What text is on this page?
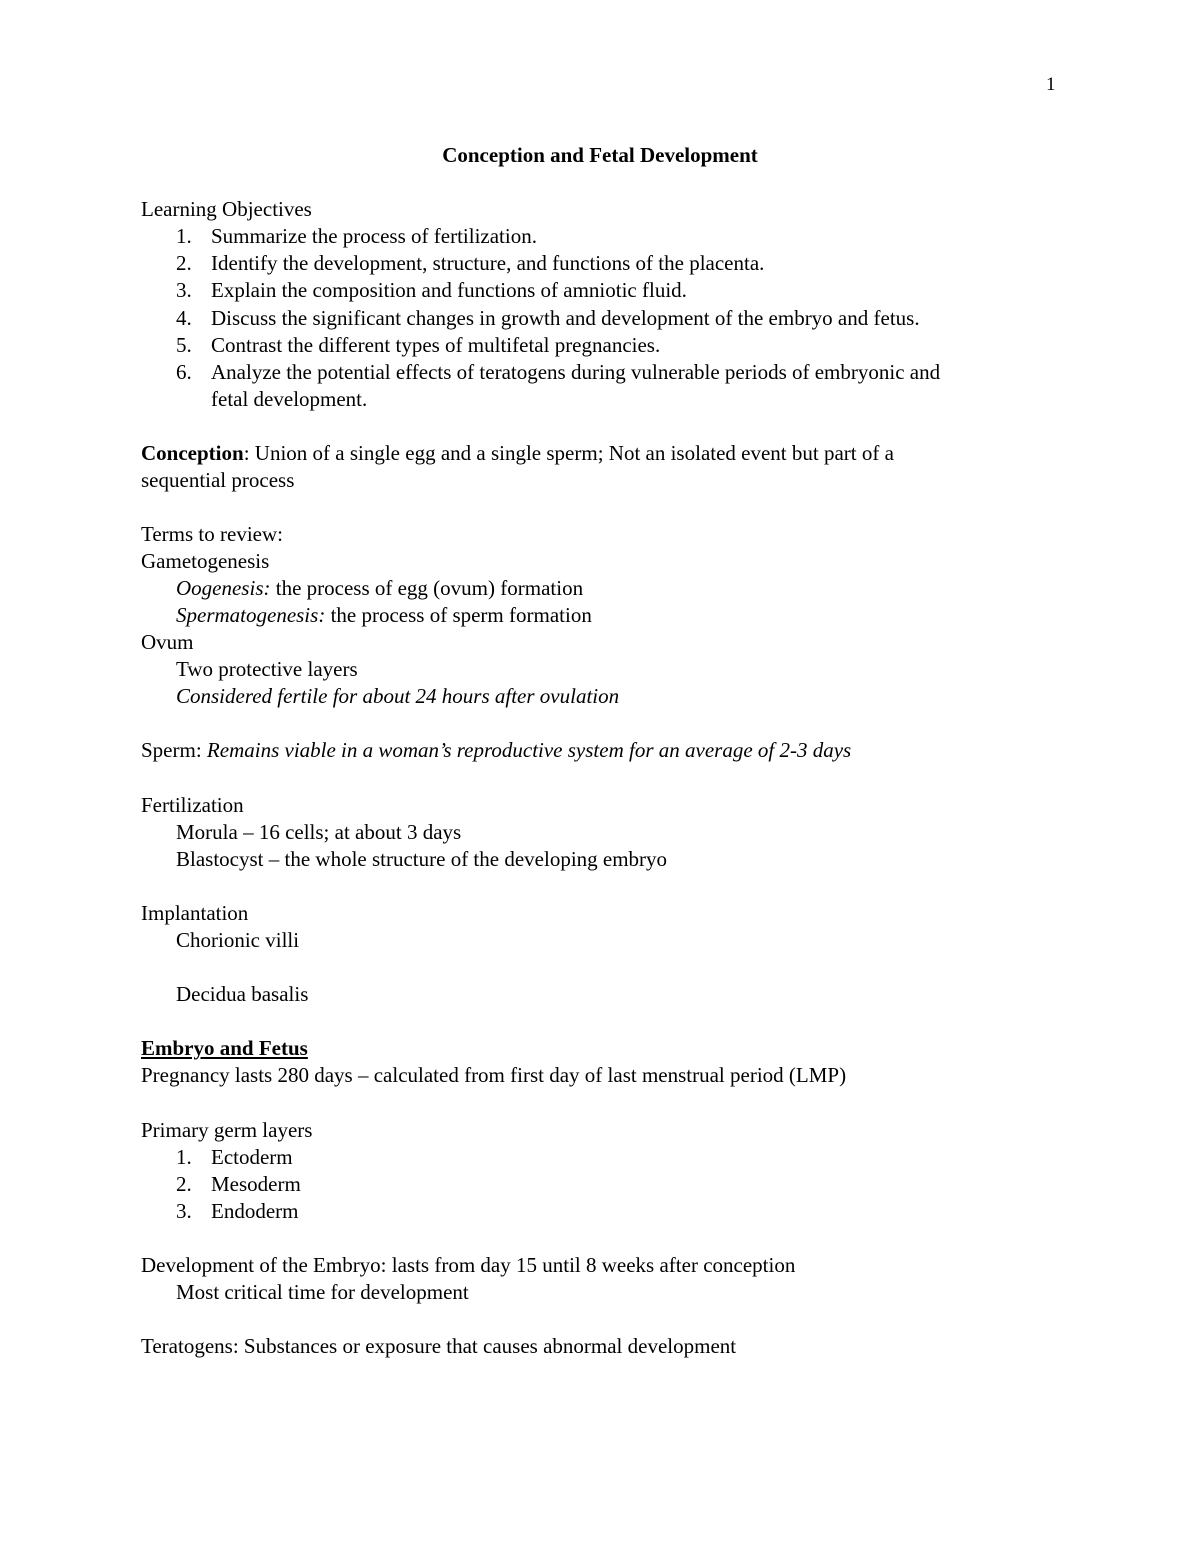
1
Conception and Fetal Development
Learning Objectives
1. Summarize the process of fertilization.
2. Identify the development, structure, and functions of the placenta.
3. Explain the composition and functions of amniotic fluid.
4. Discuss the significant changes in growth and development of the embryo and fetus.
5. Contrast the different types of multifetal pregnancies.
6. Analyze the potential effects of teratogens during vulnerable periods of embryonic and
fetal development.
Conception: Union of a single egg and a single sperm; Not an isolated event but part of a
sequential process
Terms to review:
Gametogenesis
Oogenesis: the process of egg (ovum) formation
Spermatogenesis: the process of sperm formation
Ovum
Two protective layers
Considered fertile for about 24 hours after ovulation
Sperm: Remains viable in a woman’s reproductive system for an average of 2-3 days
Fertilization
Morula – 16 cells; at about 3 days
Blastocyst – the whole structure of the developing embryo
Implantation
Chorionic villi
Decidua basalis
Embryo and Fetus
Pregnancy lasts 280 days – calculated from first day of last menstrual period (LMP)
Primary germ layers
1. Ectoderm
2. Mesoderm
3. Endoderm
Development of the Embryo: lasts from day 15 until 8 weeks after conception
Most critical time for development
Teratogens: Substances or exposure that causes abnormal development
